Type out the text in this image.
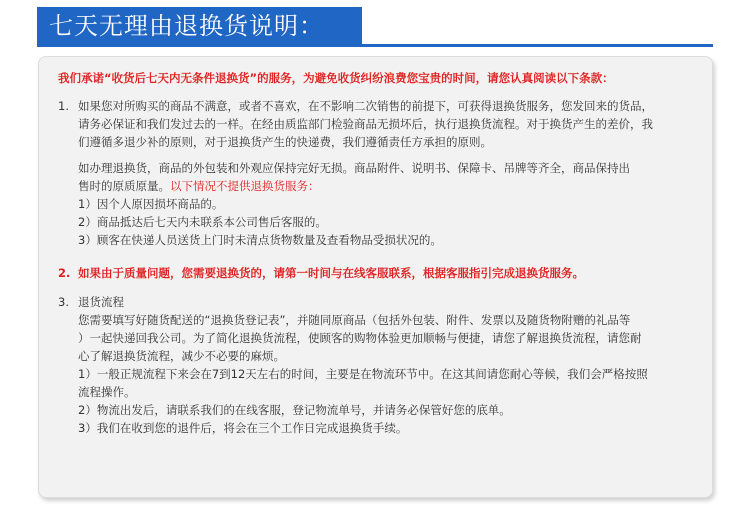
七天无理由退换货说明：
我们承诺“收货后七天内无条件退换货”的服务，为避免收货纠纷浪费您宝贵的时间，请您认真阅读以下条款：
1. 如果您对所购买的商品不满意，或者不喜欢，在不影响二次销售的前提下，可获得退换货服务，您发回来的货品，
请务必保证和我们发过去的一样。在经由质监部门检验商品无损坏后，执行退换货流程。对于换货产生的差价，我
们遵循多退少补的原则，对于退换货产生的快递费，我们遵循责任方承担的原则。
如办理退换货，商品的外包装和外观应保持完好无损。商品附件、说明书、保障卡、吊牌等齐全，商品保持出
售时的原质原量。以下情况不提供退换货服务：
1）因个人原因损坏商品的。
2）商品抵达后七天内未联系本公司售后客服的。
3）顾客在快递人员送货上门时未清点货物数量及查看物品受损状况的。
2. 如果由于质量问题，您需要退换货的，请第一时间与在线客服联系，根据客服指引完成退换货服务。
3. 退货流程
您需要填写好随货配送的“退换货登记表”，并随同原商品（包括外包装、附件、发票以及随货物附赠的礼品等
）一起快递回我公司。为了简化退换货流程，使顾客的购物体验更加顺畅与便捷，请您了解退换货流程，请您耐
心了解退换货流程，减少不必要的麻烦。
1）一般正规流程下来会在7到12天左右的时间，主要是在物流环节中。在这其间请您耐心等候，我们会严格按照
流程操作。
2）物流出发后，请联系我们的在线客服，登记物流单号，并请务必保管好您的底单。
3）我们在收到您的退件后，将会在三个工作日完成退换货手续。
